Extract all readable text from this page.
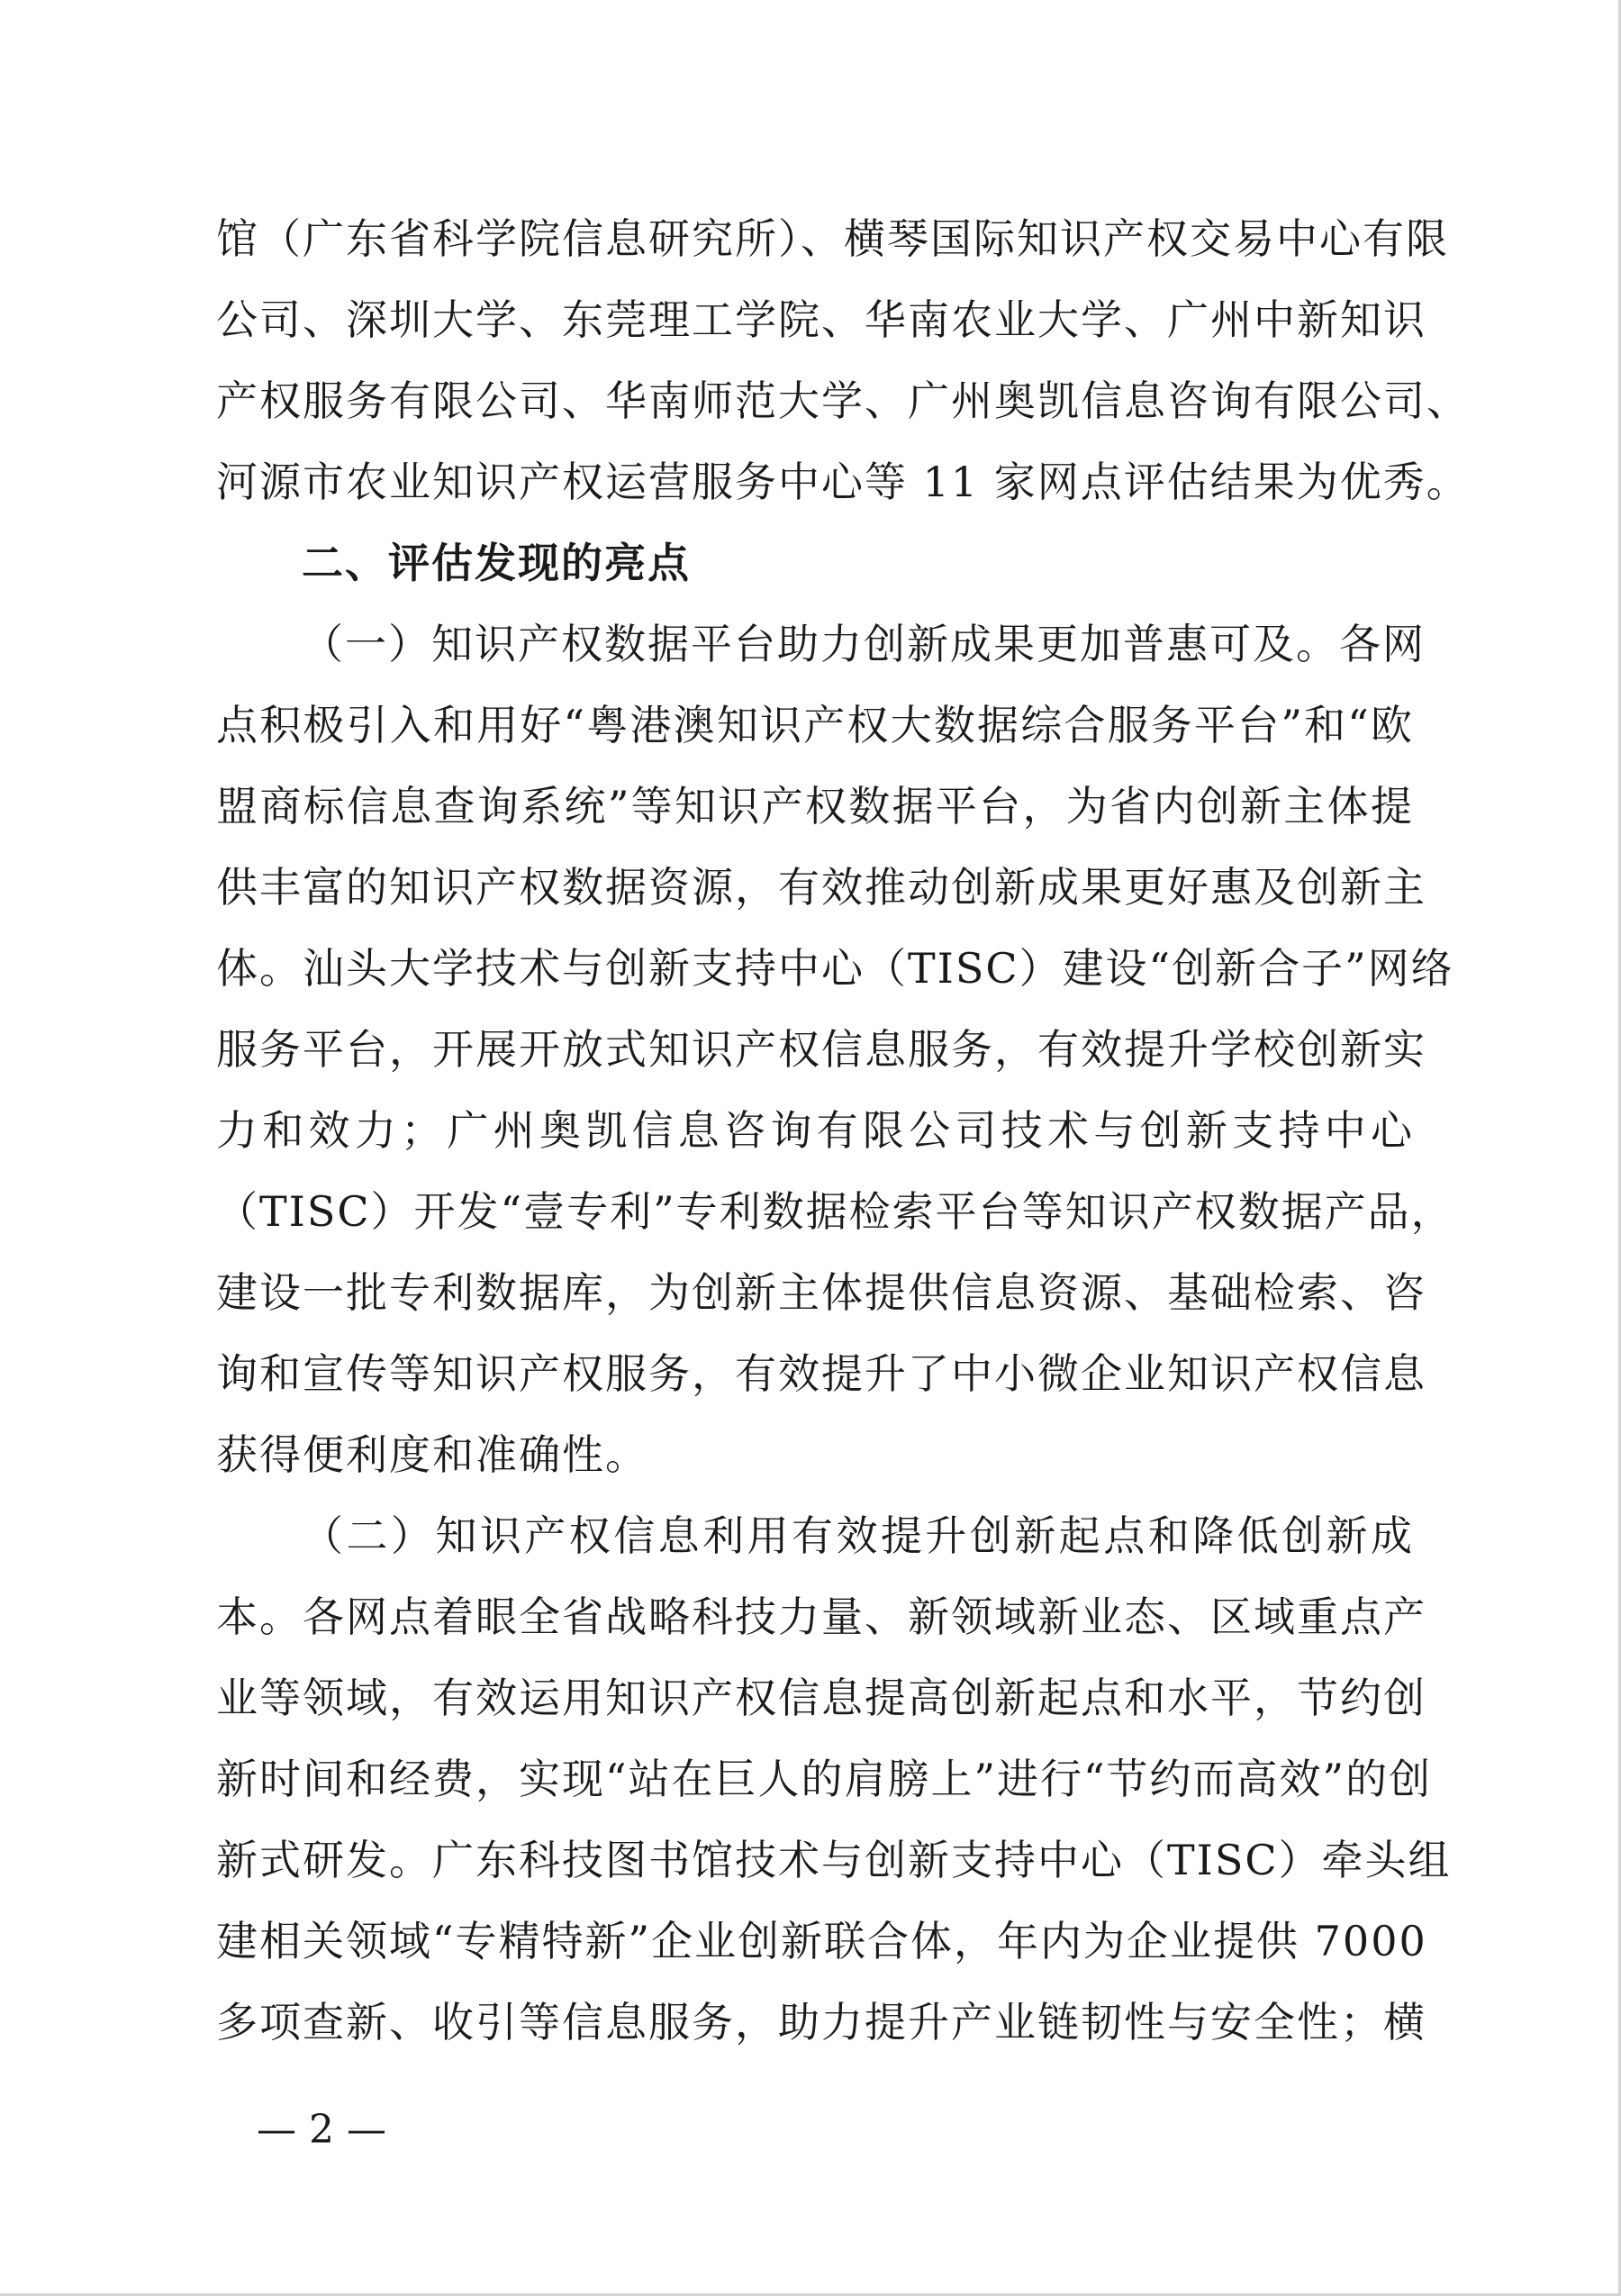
馆（广东省科学院信息研究所）、横琴国际知识产权交易中心有限
公司、深圳大学、东莞理工学院、华南农业大学、广州中新知识
产权服务有限公司、华南师范大学、广州奥凯信息咨询有限公司、
河源市农业知识产权运营服务中心等 11 家网点评估结果为优秀。
二、评估发现的亮点
（一）知识产权数据平台助力创新成果更加普惠可及。各网
点积极引入和用好“粤港澳知识产权大数据综合服务平台”和“欧
盟商标信息查询系统”等知识产权数据平台，为省内创新主体提
供丰富的知识产权数据资源，有效推动创新成果更好惠及创新主
体。汕头大学技术与创新支持中心（TISC）建设“创新合子”网络
服务平台，开展开放式知识产权信息服务，有效提升学校创新实
力和效力；广州奥凯信息咨询有限公司技术与创新支持中心
（TISC）开发“壹专利”专利数据检索平台等知识产权数据产品，
建设一批专利数据库，为创新主体提供信息资源、基础检索、咨
询和宣传等知识产权服务，有效提升了中小微企业知识产权信息
获得便利度和准确性。
（二）知识产权信息利用有效提升创新起点和降低创新成
本。各网点着眼全省战略科技力量、新领域新业态、区域重点产
业等领域，有效运用知识产权信息提高创新起点和水平，节约创
新时间和经费，实现“站在巨人的肩膀上”进行“节约而高效”的创
新式研发。广东科技图书馆技术与创新支持中心（TISC）牵头组
建相关领域“专精特新”企业创新联合体，年内为企业提供 7000
多项查新、收引等信息服务，助力提升产业链韧性与安全性；横
— 2 —
